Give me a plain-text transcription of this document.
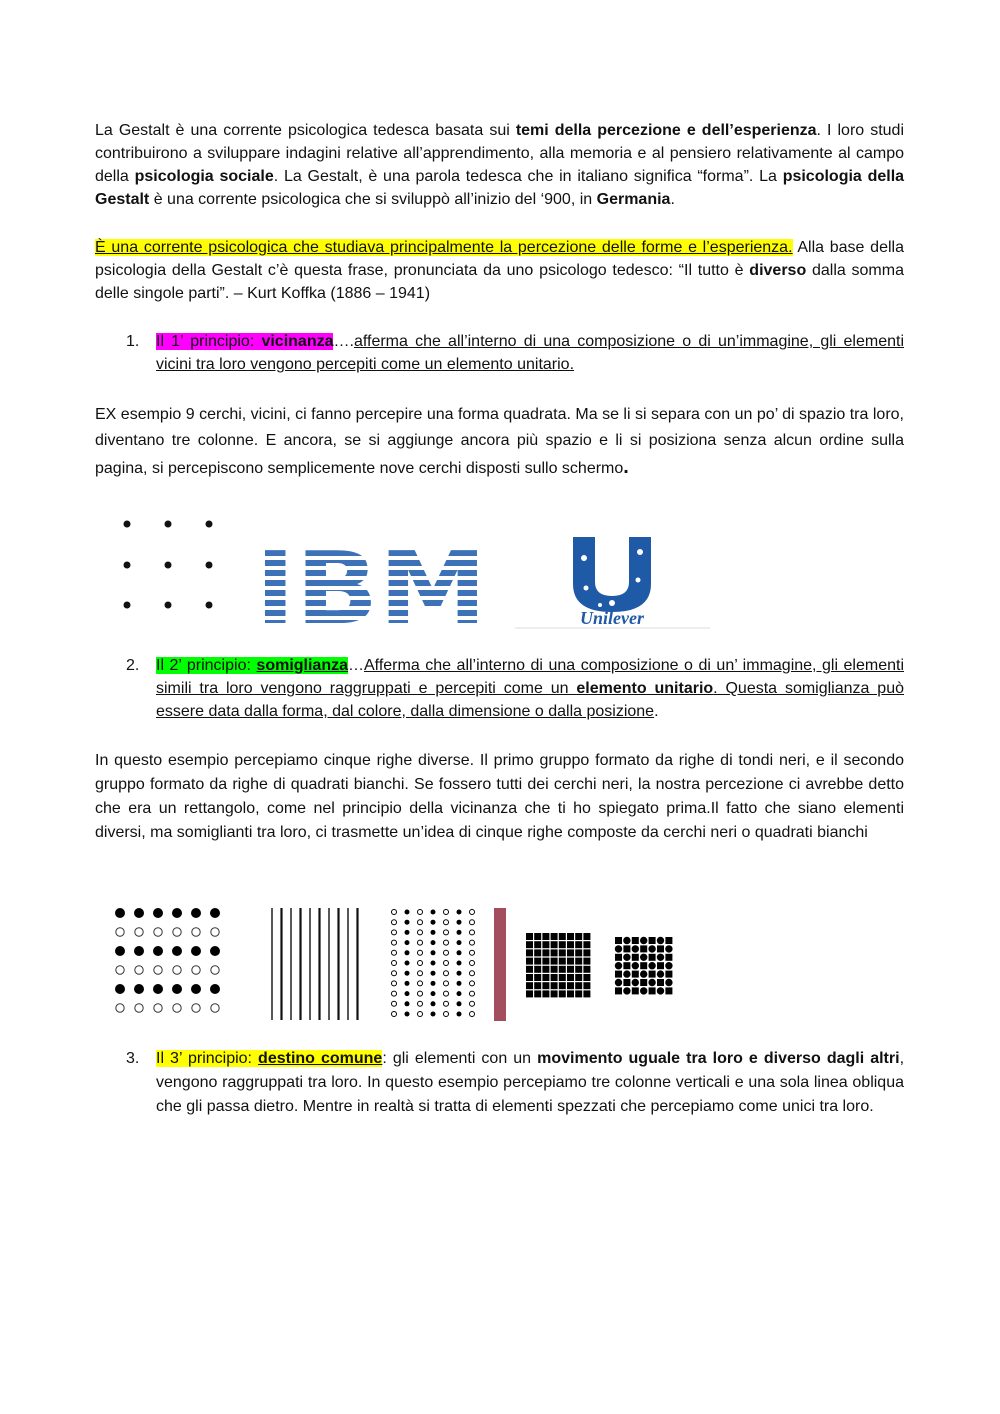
La Gestalt è una corrente psicologica tedesca basata sui temi della percezione e dell’esperienza. I loro studi contribuirono a sviluppare indagini relative all’apprendimento, alla memoria e al pensiero relativamente al campo della psicologia sociale. La Gestalt, è una parola tedesca che in italiano significa “forma”. La psicologia della Gestalt è una corrente psicologica che si sviluppò all’inizio del ‘900, in Germania.

È una corrente psicologica che studiava principalmente la percezione delle forme e l’esperienza. Alla base della psicologia della Gestalt c’è questa frase, pronunciata da uno psicologo tedesco: “Il tutto è diverso dalla somma delle singole parti”. – Kurt Koffka (1886 – 1941)

1. Il 1’ principio: vicinanza….afferma che all’interno di una composizione o di un’immagine, gli elementi vicini tra loro vengono percepiti come un elemento unitario.

EX esempio 9 cerchi, vicini, ci fanno percepire una forma quadrata. Ma se li si separa con un po’ di spazio tra loro, diventano tre colonne. E ancora, se si aggiunge ancora più spazio e li si posiziona senza alcun ordine sulla pagina, si percepiscono semplicemente nove cerchi disposti sullo schermo.

IBM	Unilever
2. Il 2’ principio: somiglianza…Afferma che all’interno di una composizione o di un’ immagine, gli elementi simili tra loro vengono raggruppati e percepiti come un elemento unitario. Questa somiglianza può essere data dalla forma, dal colore, dalla dimensione o dalla posizione.

In questo esempio percepiamo cinque righe diverse. Il primo gruppo formato da righe di tondi neri, e il secondo gruppo formato da righe di quadrati bianchi. Se fossero tutti dei cerchi neri, la nostra percezione ci avrebbe detto che era un rettangolo, come nel principio della vicinanza che ti ho spiegato prima.Il fatto che siano elementi diversi, ma somiglianti tra loro, ci trasmette un’idea di cinque righe composte da cerchi neri o quadrati bianchi

3. Il 3’ principio: destino comune: gli elementi con un movimento uguale tra loro e diverso dagli altri, vengono raggruppati tra loro. In questo esempio percepiamo tre colonne verticali e una sola linea obliqua che gli passa dietro. Mentre in realtà si tratta di elementi spezzati che percepiamo come unici tra loro.
